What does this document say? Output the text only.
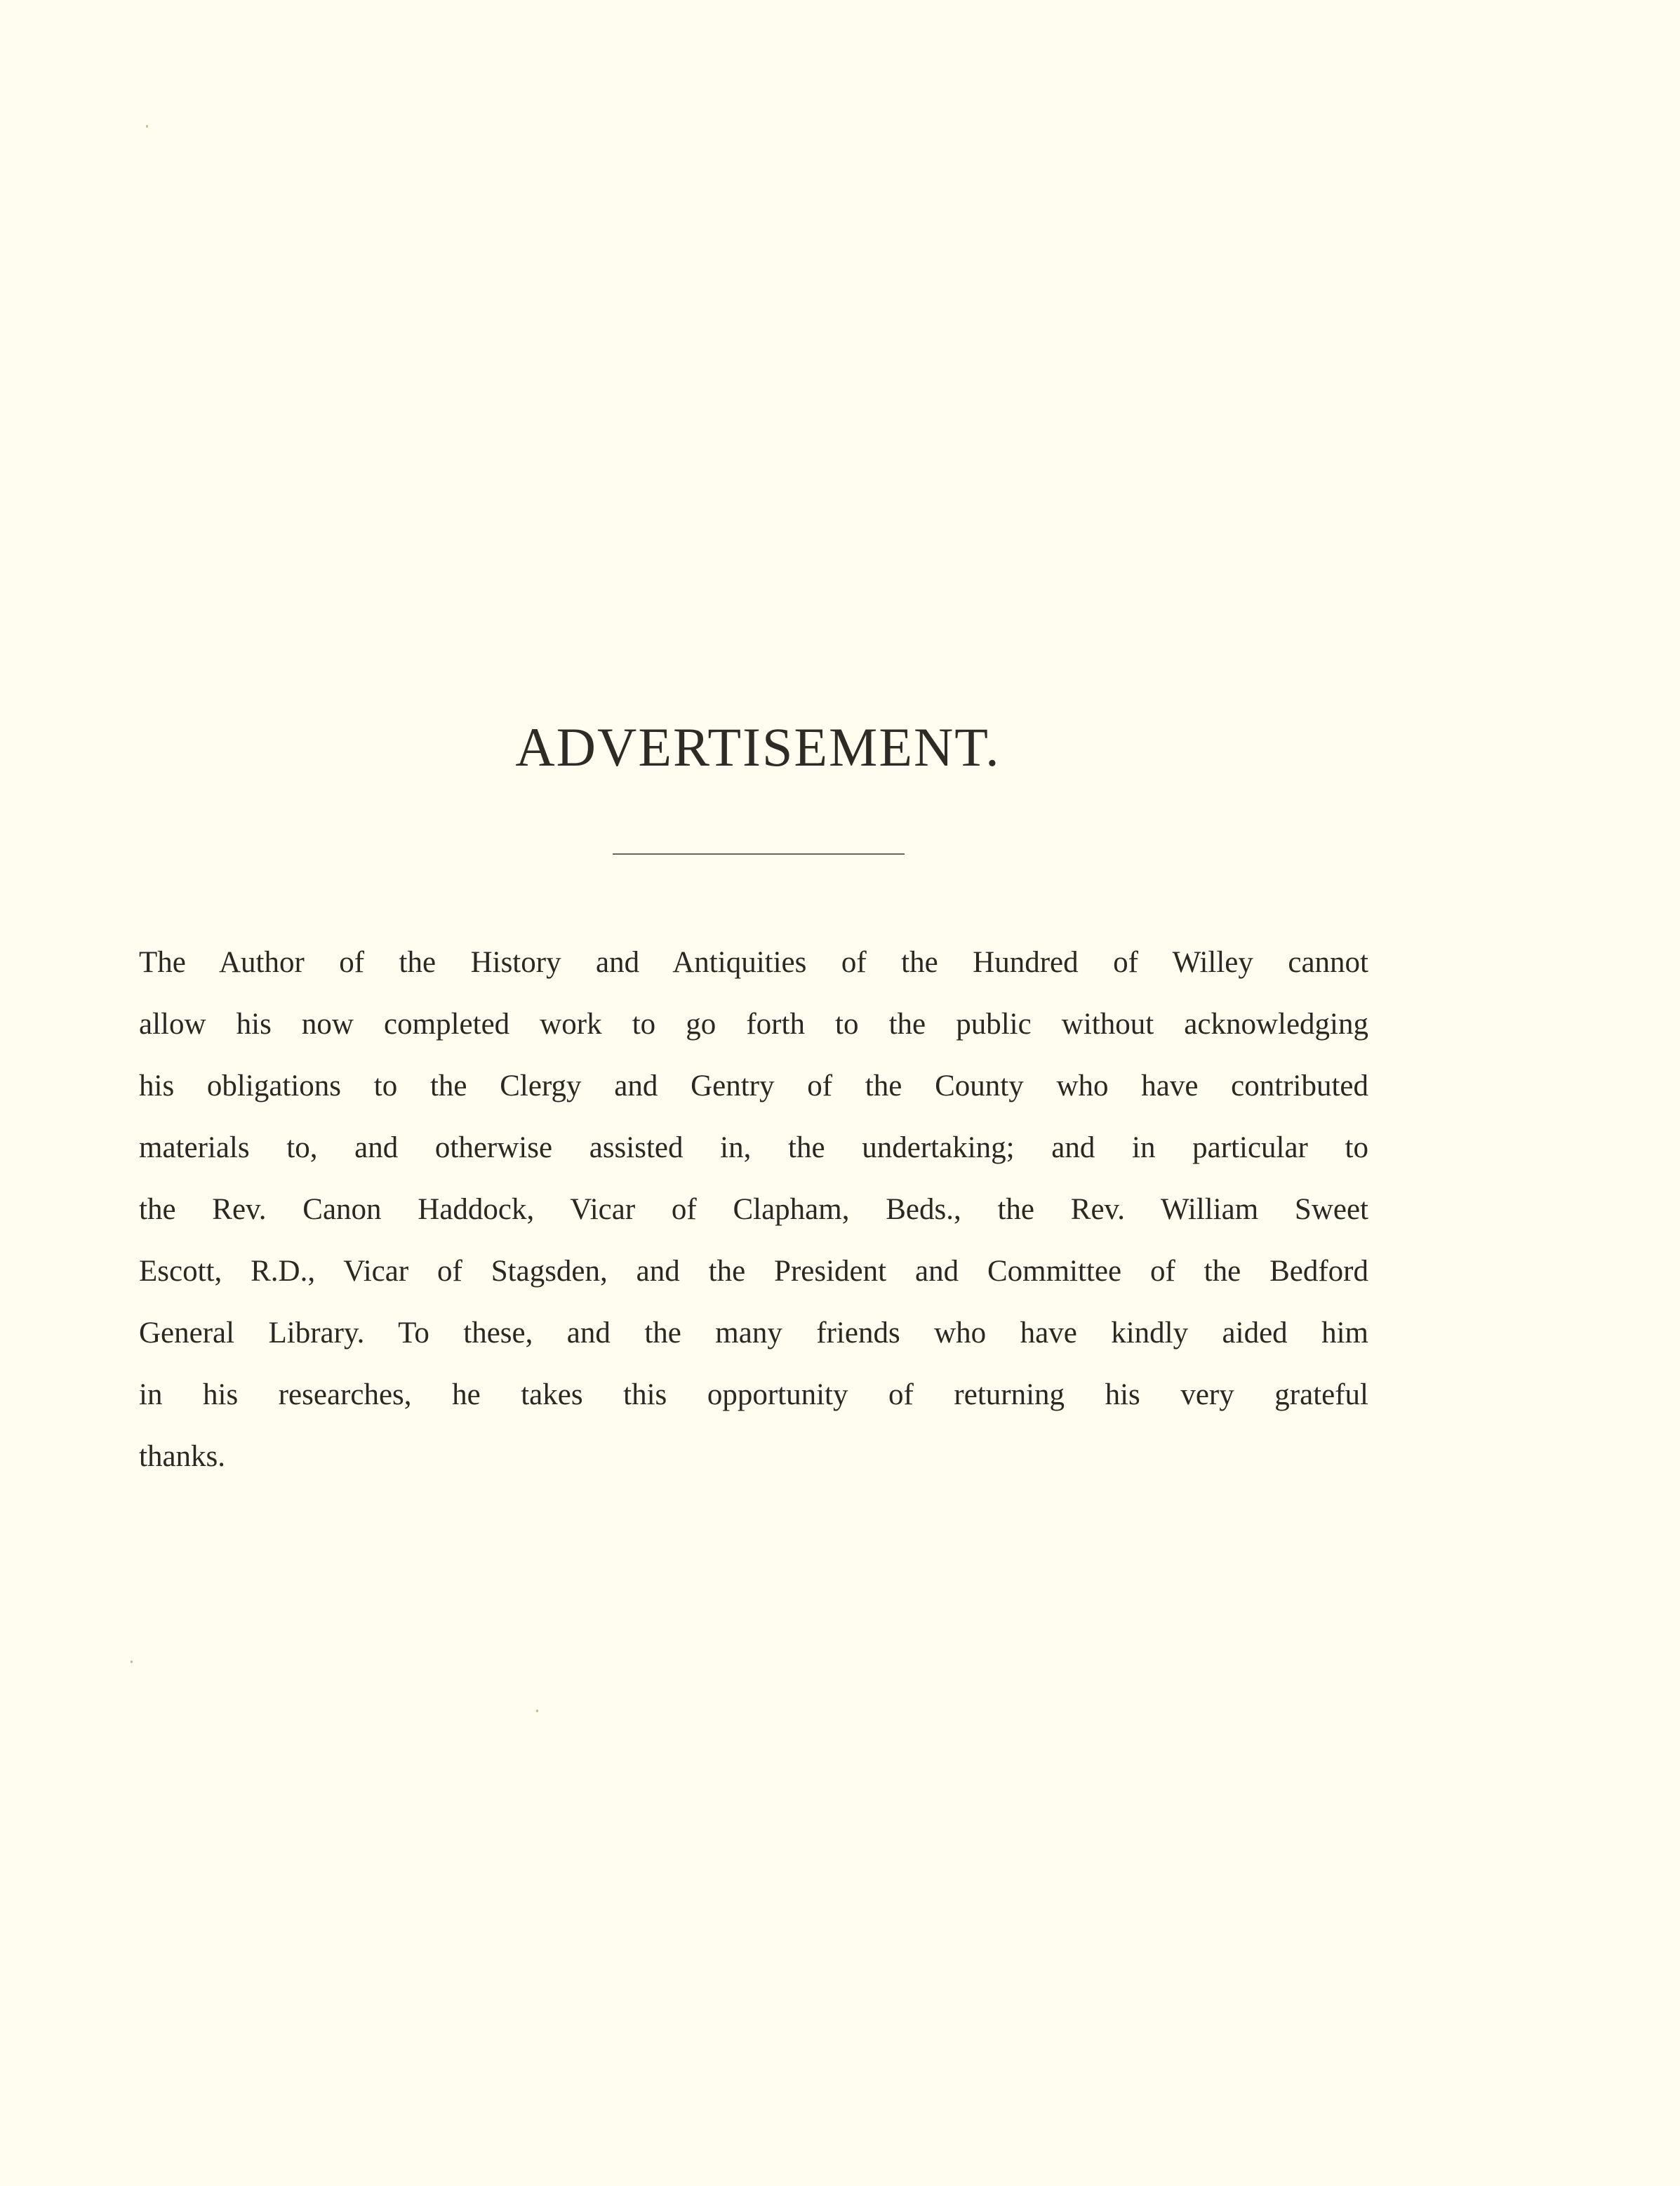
ADVERTISEMENT.
The Author of the History and Antiquities of the Hundred of Willey cannot
allow his now completed work to go forth to the public without acknowledging
his obligations to the Clergy and Gentry of the County who have contributed
materials to, and otherwise assisted in, the undertaking; and in particular to
the Rev. Canon Haddock, Vicar of Clapham, Beds., the Rev. William Sweet
Escott, R.D., Vicar of Stagsden, and the President and Committee of the Bedford
General Library. To these, and the many friends who have kindly aided him
in his researches, he takes this opportunity of returning his very grateful
thanks.
